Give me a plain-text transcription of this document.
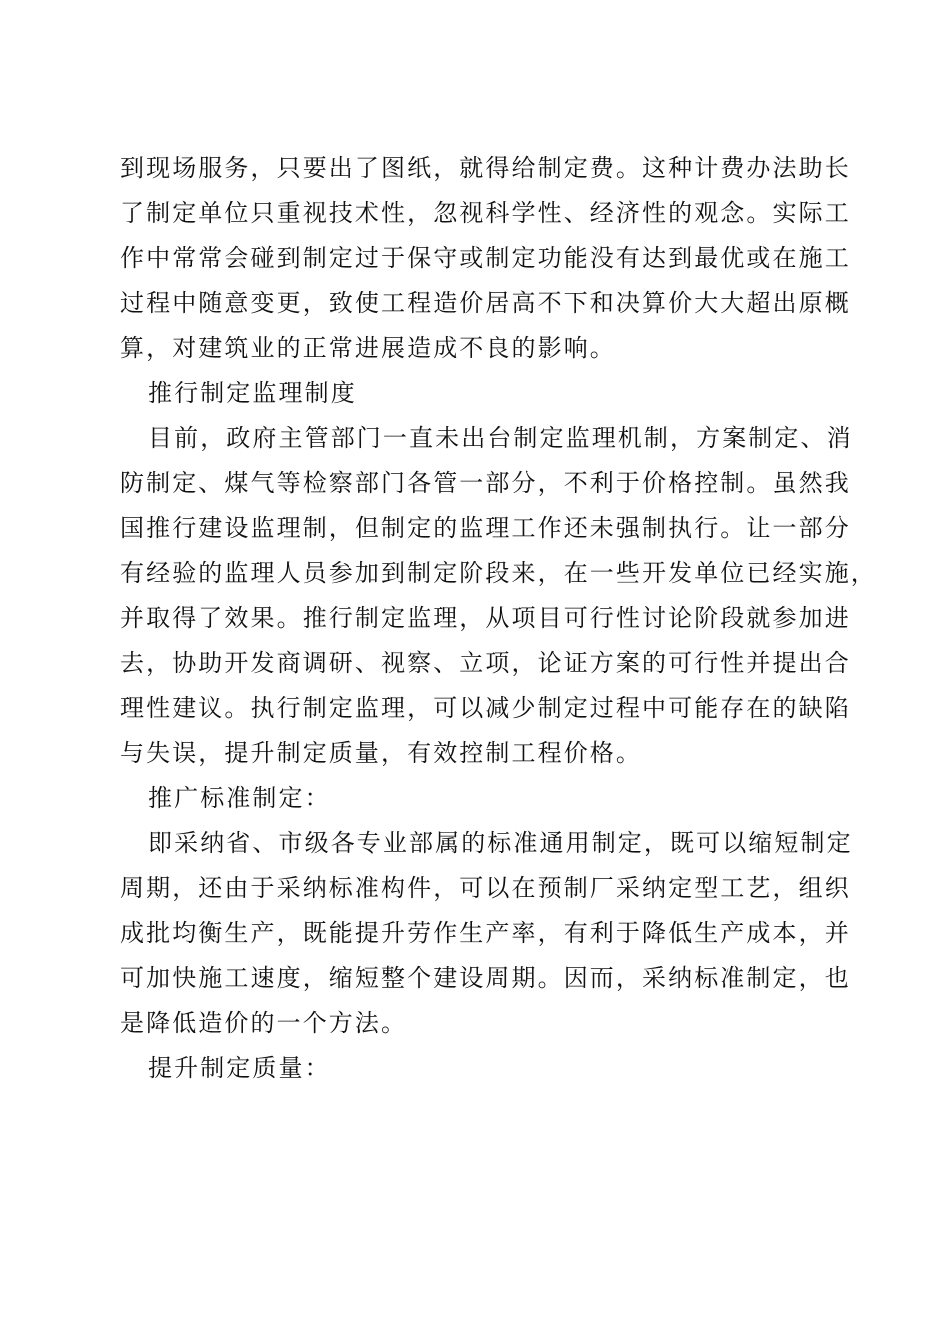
到现场服务，只要出了图纸，就得给制定费。这种计费办法助长
了制定单位只重视技术性，忽视科学性、经济性的观念。实际工
作中常常会碰到制定过于保守或制定功能没有达到最优或在施工
过程中随意变更，致使工程造价居高不下和决算价大大超出原概
算，对建筑业的正常进展造成不良的影响。
推行制定监理制度
目前，政府主管部门一直未出台制定监理机制，方案制定、消
防制定、煤气等检察部门各管一部分，不利于价格控制。虽然我
国推行建设监理制，但制定的监理工作还未强制执行。让一部分
有经验的监理人员参加到制定阶段来，在一些开发单位已经实施，
并取得了效果。推行制定监理，从项目可行性讨论阶段就参加进
去，协助开发商调研、视察、立项，论证方案的可行性并提出合
理性建议。执行制定监理，可以减少制定过程中可能存在的缺陷
与失误，提升制定质量，有效控制工程价格。
推广标准制定：
即采纳省、市级各专业部属的标准通用制定，既可以缩短制定
周期，还由于采纳标准构件，可以在预制厂采纳定型工艺，组织
成批均衡生产，既能提升劳作生产率，有利于降低生产成本，并
可加快施工速度，缩短整个建设周期。因而，采纳标准制定，也
是降低造价的一个方法。
提升制定质量：
